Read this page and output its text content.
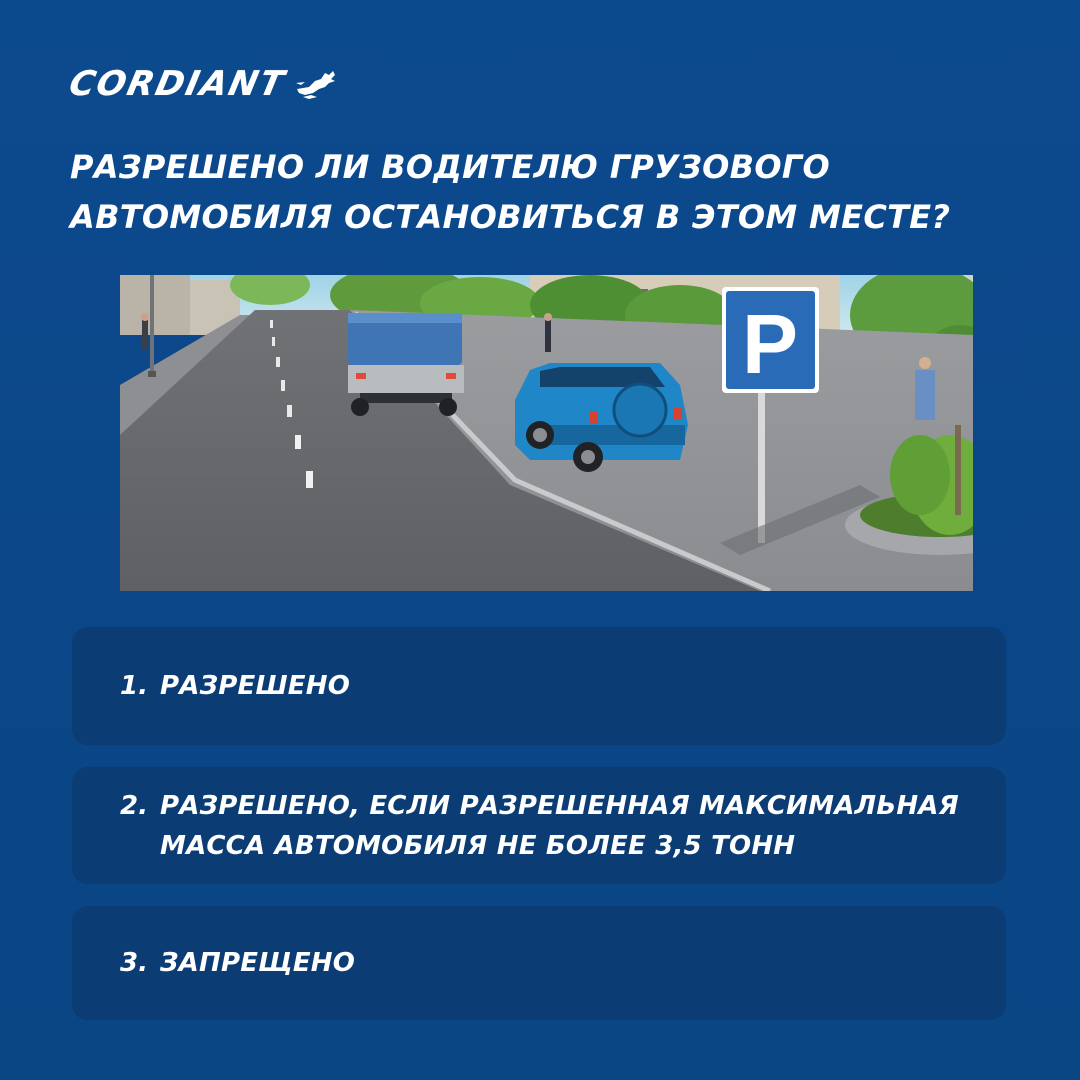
CORDIANT
РАЗРЕШЕНО ЛИ ВОДИТЕЛЮ ГРУЗОВОГО АВТОМОБИЛЯ ОСТАНОВИТЬСЯ В ЭТОМ МЕСТЕ?
P
1. РАЗРЕШЕНО
2. РАЗРЕШЕНО, ЕСЛИ РАЗРЕШЕННАЯ МАКСИМАЛЬНАЯ МАССА АВТОМОБИЛЯ НЕ БОЛЕЕ 3,5 ТОНН
3. ЗАПРЕЩЕНО
